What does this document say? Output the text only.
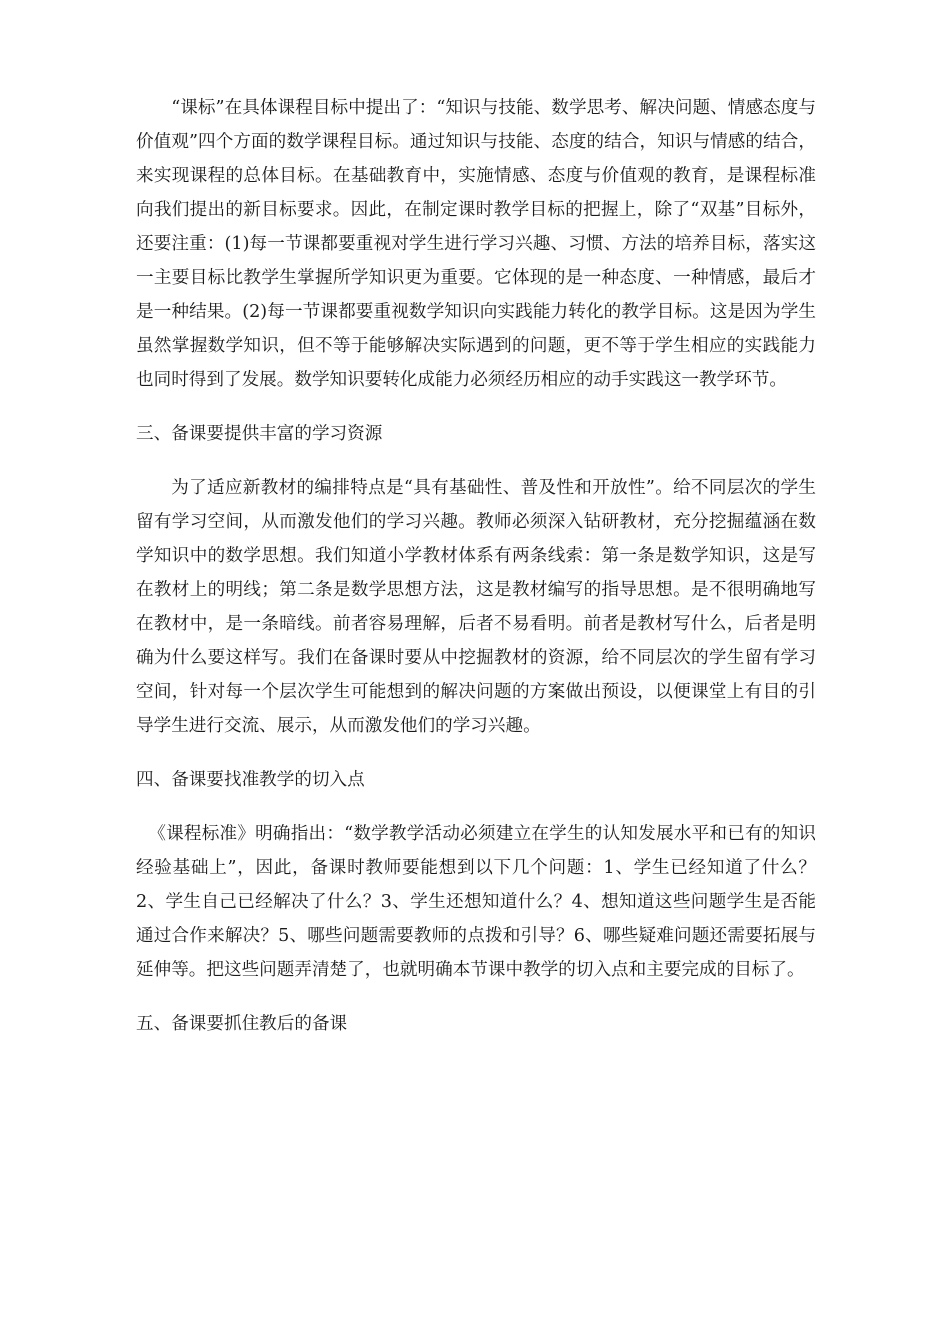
“课标”在具体课程目标中提出了：“知识与技能、数学思考、解决问题、情感态度与价值观”四个方面的数学课程目标。通过知识与技能、态度的结合，知识与情感的结合，来实现课程的总体目标。在基础教育中，实施情感、态度与价值观的教育，是课程标准向我们提出的新目标要求。因此，在制定课时教学目标的把握上，除了“双基”目标外，还要注重：(1)每一节课都要重视对学生进行学习兴趣、习惯、方法的培养目标，落实这一主要目标比教学生掌握所学知识更为重要。它体现的是一种态度、一种情感，最后才是一种结果。(2)每一节课都要重视数学知识向实践能力转化的教学目标。这是因为学生虽然掌握数学知识，但不等于能够解决实际遇到的问题，更不等于学生相应的实践能力也同时得到了发展。数学知识要转化成能力必须经历相应的动手实践这一教学环节。

三、备课要提供丰富的学习资源

为了适应新教材的编排特点是“具有基础性、普及性和开放性”。给不同层次的学生留有学习空间，从而激发他们的学习兴趣。教师必须深入钻研教材，充分挖掘蕴涵在数学知识中的数学思想。我们知道小学教材体系有两条线索：第一条是数学知识，这是写在教材上的明线；第二条是数学思想方法，这是教材编写的指导思想。是不很明确地写在教材中，是一条暗线。前者容易理解，后者不易看明。前者是教材写什么，后者是明确为什么要这样写。我们在备课时要从中挖掘教材的资源，给不同层次的学生留有学习空间，针对每一个层次学生可能想到的解决问题的方案做出预设，以便课堂上有目的引导学生进行交流、展示，从而激发他们的学习兴趣。

四、备课要找准教学的切入点

《课程标准》明确指出：“数学教学活动必须建立在学生的认知发展水平和已有的知识经验基础上”，因此，备课时教师要能想到以下几个问题：1、学生已经知道了什么？2、学生自己已经解决了什么？3、学生还想知道什么？4、想知道这些问题学生是否能通过合作来解决？5、哪些问题需要教师的点拨和引导？6、哪些疑难问题还需要拓展与延伸等。把这些问题弄清楚了，也就明确本节课中教学的切入点和主要完成的目标了。

五、备课要抓住教后的备课
